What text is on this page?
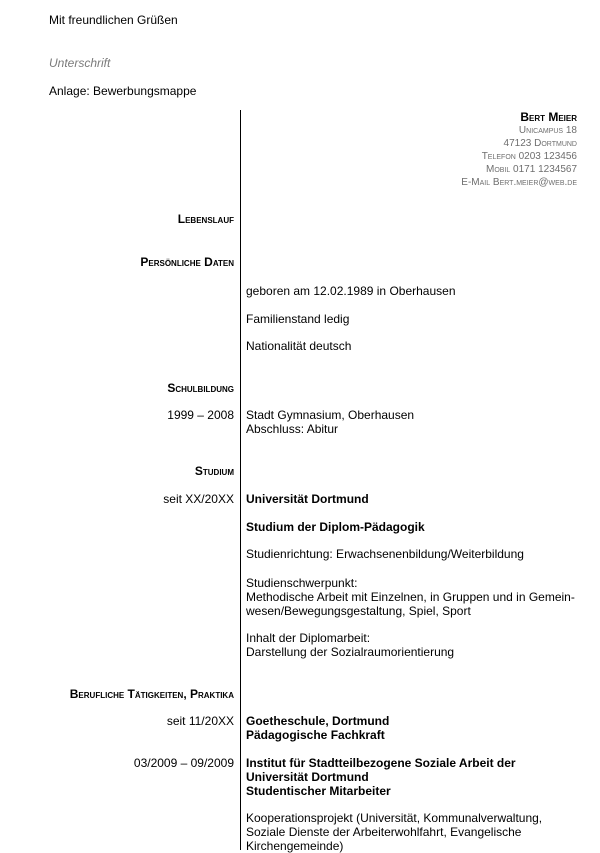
Mit freundlichen Grüßen
Unterschrift
Anlage: Bewerbungsmappe
Bert Meier
Unicampus 18
47123 Dortmund
Telefon 0203 123456
Mobil 0171 1234567
E-Mail Bert.meier@web.de
Lebenslauf
Persönliche Daten
geboren am 12.02.1989 in Oberhausen
Familienstand ledig
Nationalität deutsch
Schulbildung
1999 – 2008 Stadt Gymnasium, Oberhausen
Abschluss: Abitur
Studium
seit XX/20XX Universität Dortmund
Studium der Diplom-Pädagogik
Studienrichtung: Erwachsenenbildung/Weiterbildung
Studienschwerpunkt:
Methodische Arbeit mit Einzelnen, in Gruppen und in Gemein-
wesen/Bewegungsgestaltung, Spiel, Sport
Inhalt der Diplomarbeit:
Darstellung der Sozialraumorientierung
Berufliche Tätigkeiten, Praktika
seit 11/20XX Goetheschule, Dortmund
Pädagogische Fachkraft
03/2009 – 09/2009 Institut für Stadtteilbezogene Soziale Arbeit der
Universität Dortmund
Studentischer Mitarbeiter
Kooperationsprojekt (Universität, Kommunalverwaltung,
Soziale Dienste der Arbeiterwohlfahrt, Evangelische
Kirchengemeinde)
